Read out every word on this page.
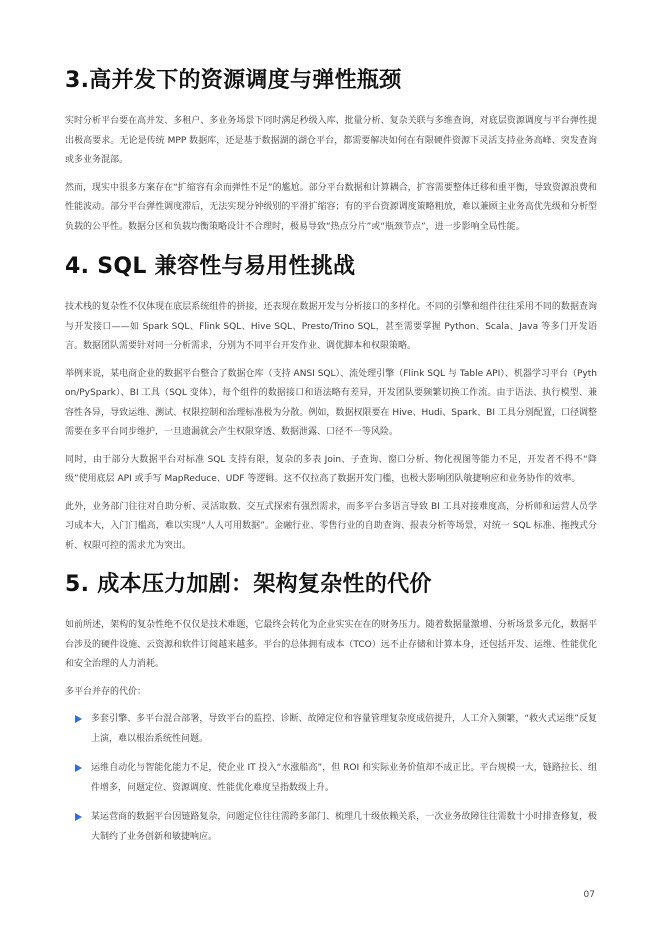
3.高并发下的资源调度与弹性瓶颈

实时分析平台要在高并发、多租户、多业务场景下同时满足秒级入库、批量分析、复杂关联与多维查询，对底层资源调度与平台弹性提出极高要求。无论是传统 MPP 数据库，还是基于数据湖的湖仓平台，都需要解决如何在有限硬件资源下灵活支持业务高峰、突发查询或多业务混部。

然而，现实中很多方案存在“扩缩容有余而弹性不足”的尴尬。部分平台数据和计算耦合，扩容需要整体迁移和重平衡，导致资源浪费和性能波动。部分平台弹性调度滞后，无法实现分钟级别的平滑扩缩容；有的平台资源调度策略粗放，难以兼顾主业务高优先级和分析型负载的公平性。数据分区和负载均衡策略设计不合理时，极易导致“热点分片”或“瓶颈节点”，进一步影响全局性能。

4. SQL 兼容性与易用性挑战

技术栈的复杂性不仅体现在底层系统组件的拼接，还表现在数据开发与分析接口的多样化。不同的引擎和组件往往采用不同的数据查询与开发接口——如 Spark SQL、Flink SQL、Hive SQL、Presto/Trino SQL，甚至需要掌握 Python、Scala、Java 等多门开发语言。数据团队需要针对同一分析需求，分别为不同平台开发作业、调优脚本和权限策略。

举例来说，某电商企业的数据平台整合了数据仓库（支持 ANSI SQL）、流处理引擎（Flink SQL 与 Table API）、机器学习平台（Python/PySpark）、BI 工具（SQL 变体），每个组件的数据接口和语法略有差异，开发团队要频繁切换工作流。由于语法、执行模型、兼容性各异，导致运维、测试、权限控制和治理标准极为分散。例如，数据权限要在 Hive、Hudi、Spark、BI 工具分别配置，口径调整需要在多平台同步维护，一旦遗漏就会产生权限穿透、数据泄露、口径不一等风险。

同时，由于部分大数据平台对标准 SQL 支持有限，复杂的多表 Join、子查询、窗口分析、物化视图等能力不足，开发者不得不“降级”使用底层 API 或手写 MapReduce、UDF 等逻辑。这不仅拉高了数据开发门槛，也极大影响团队敏捷响应和业务协作的效率。

此外，业务部门往往对自助分析、灵活取数、交互式探索有强烈需求，而多平台多语言导致 BI 工具对接难度高，分析师和运营人员学习成本大，入门门槛高，难以实现“人人可用数据”。金融行业、零售行业的自助查询、报表分析等场景，对统一 SQL 标准、拖拽式分析、权限可控的需求尤为突出。

5. 成本压力加剧：架构复杂性的代价

如前所述，架构的复杂性绝不仅仅是技术难题，它最终会转化为企业实实在在的财务压力。随着数据量激增、分析场景多元化，数据平台涉及的硬件设施、云资源和软件订阅越来越多。平台的总体拥有成本（TCO）远不止存储和计算本身，还包括开发、运维、性能优化和安全治理的人力消耗。

多平台并存的代价：

多套引擎、多平台混合部署，导致平台的监控、诊断、故障定位和容量管理复杂度成倍提升，人工介入频繁，“救火式运维”反复上演，难以根治系统性问题。
运维自动化与智能化能力不足，使企业 IT 投入“水涨船高”，但 ROI 和实际业务价值却不成正比。平台规模一大，链路拉长、组件增多，问题定位、资源调度、性能优化难度呈指数级上升。
某运营商的数据平台因链路复杂，问题定位往往需跨多部门、梳理几十级依赖关系，一次业务故障往往需数十小时排查修复，极大制约了业务创新和敏捷响应。
07
